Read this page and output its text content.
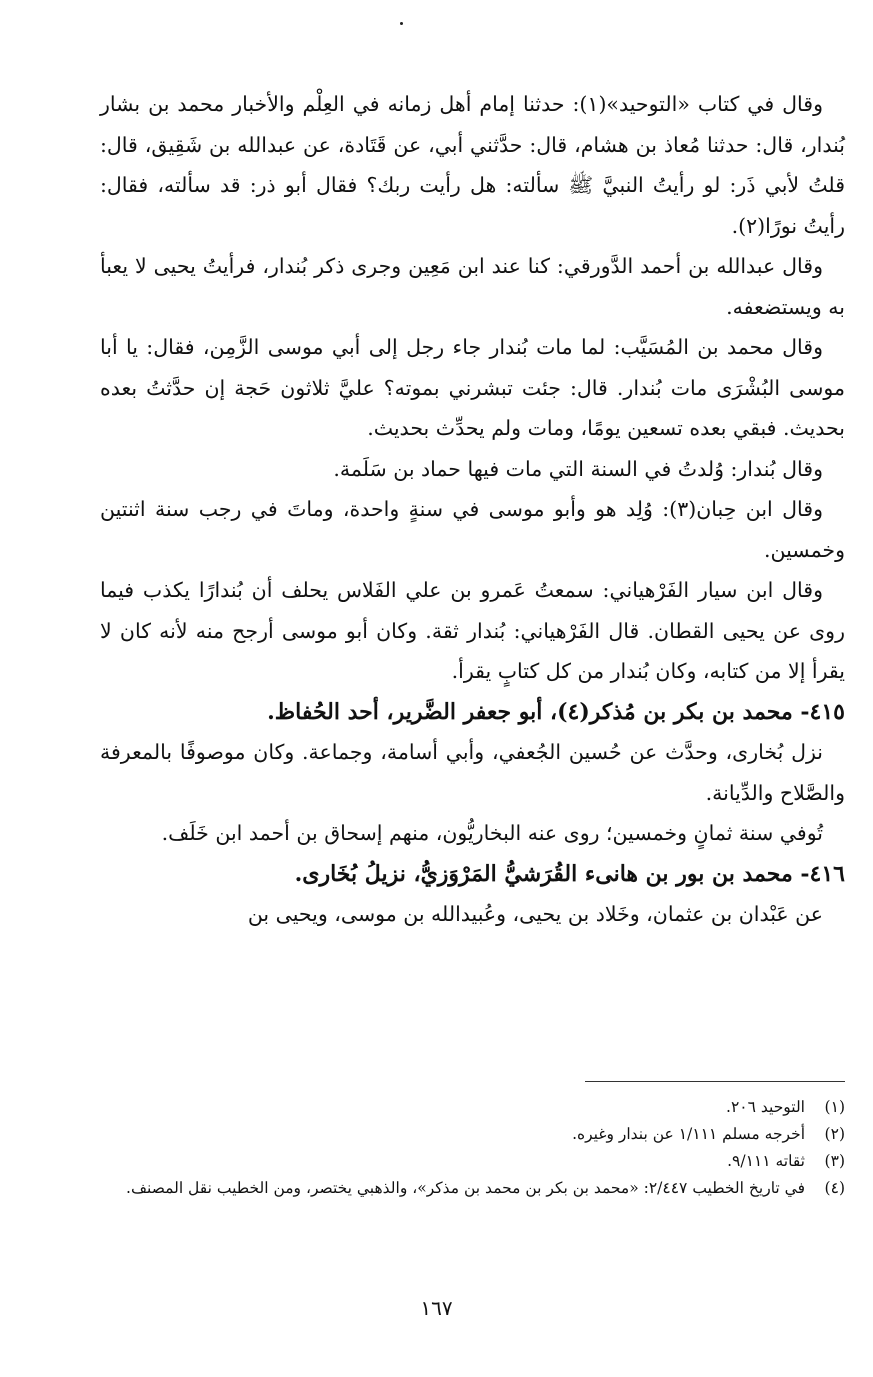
وقال في كتاب «التوحيد»(١): حدثنا إمام أهل زمانه في العِلْم والأخبار محمد بن بشار بُندار، قال: حدثنا مُعاذ بن هشام، قال: حدَّثني أبي، عن قَتَادة، عن عبدالله بن شَقِيق، قال: قلتُ لأبي ذَر: لو رأيتُ النبيَّ ﷺ سألته: هل رأيت ربك؟ فقال أبو ذر: قد سألته، فقال: رأيتُ نورًا(٢).

وقال عبدالله بن أحمد الدَّورقي: كنا عند ابن مَعِين وجرى ذكر بُندار، فرأيتُ يحيى لا يعبأ به ويستضعفه.

وقال محمد بن المُسَيَّب: لما مات بُندار جاء رجل إلى أبي موسى الزَّمِن، فقال: يا أبا موسى البُشْرَى مات بُندار. قال: جئت تبشرني بموته؟ عليَّ ثلاثون حَجة إن حدَّثتُ بعده بحديث. فبقي بعده تسعين يومًا، ومات ولم يحدِّث بحديث.

وقال بُندار: وُلدتُ في السنة التي مات فيها حماد بن سَلَمة.

وقال ابن حِبان(٣): وُلِد هو وأبو موسى في سنةٍ واحدة، وماتَ في رجب سنة اثنتين وخمسين.

وقال ابن سيار الفَرْهياني: سمعتُ عَمرو بن علي الفَلاس يحلف أن بُندارًا يكذب فيما روى عن يحيى القطان. قال الفَرْهياني: بُندار ثقة. وكان أبو موسى أرجح منه لأنه كان لا يقرأ إلا من كتابه، وكان بُندار من كل كتابٍ يقرأ.

٤١٥- محمد بن بكر بن مُذكر(٤)، أبو جعفر الضَّرير، أحد الحُفاظ.

نزل بُخارى، وحدَّث عن حُسين الجُعفي، وأبي أسامة، وجماعة. وكان موصوفًا بالمعرفة والصَّلاح والدِّيانة.

تُوفي سنة ثمانٍ وخمسين؛ روى عنه البخاريُّون، منهم إسحاق بن أحمد ابن خَلَف.

٤١٦- محمد بن بور بن هانىء القُرَشيُّ المَرْوَزيُّ، نزيلُ بُخَارى.

عن عَبْدان بن عثمان، وخَلاد بن يحيى، وعُبيدالله بن موسى، ويحيى بن

(١)
التوحيد ٢٠٦.
(٢)
أخرجه مسلم ١/١١١ عن بندار وغيره.
(٣)
ثقاته ٩/١١١.
(٤)
في تاريخ الخطيب ٢/٤٤٧: «محمد بن بكر بن محمد بن مذكر»، والذهبي يختصر، ومن الخطيب نقل المصنف.
١٦٧
